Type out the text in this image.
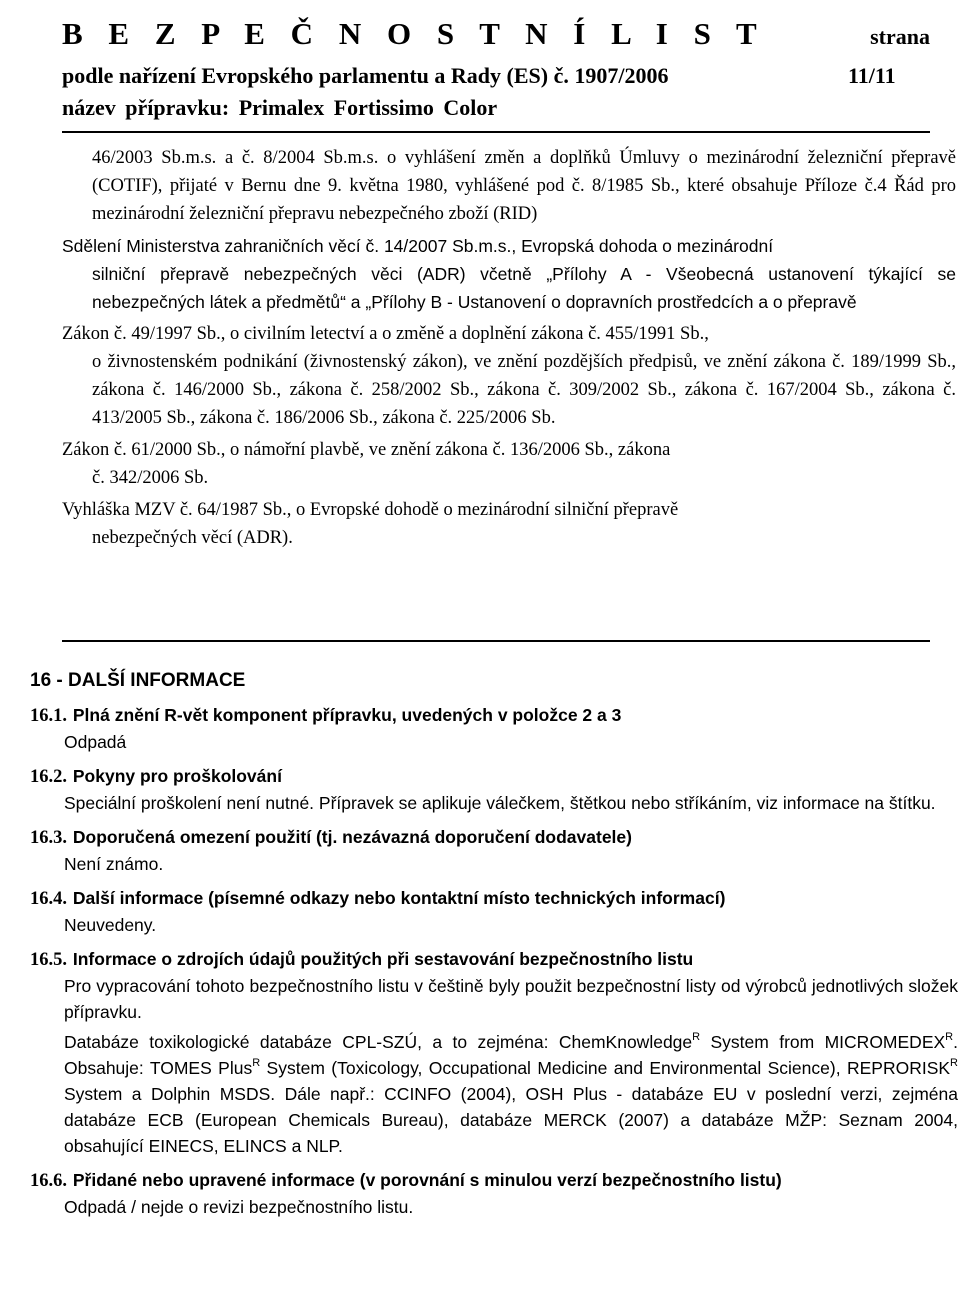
B E Z P E Č N O S T N Í L I S T	strana
podle nařízení Evropského parlamentu a Rady (ES) č. 1907/2006	11/11
název přípravku: Primalex Fortissimo Color

46/2003 Sb.m.s. a č. 8/2004 Sb.m.s. o vyhlášení změn a doplňků Úmluvy o mezinárodní železniční přepravě (COTIF), přijaté v Bernu dne 9. května 1980, vyhlášené pod č. 8/1985 Sb., které obsahuje Příloze č.4 Řád pro mezinárodní železniční přepravu nebezpečného zboží (RID)

Sdělení Ministerstva zahraničních věcí č. 14/2007 Sb.m.s., Evropská dohoda o mezinárodní

silniční přepravě nebezpečných věci (ADR) včetně „Přílohy A - Všeobecná ustanovení týkající se nebezpečných látek a předmětů“ a „Přílohy B - Ustanovení o dopravních prostředcích a o přepravě

Zákon č. 49/1997 Sb., o civilním letectví a o změně a doplnění zákona č. 455/1991 Sb.,

o živnostenském podnikání (živnostenský zákon), ve znění pozdějších předpisů, ve znění zákona č. 189/1999 Sb., zákona č. 146/2000 Sb., zákona č. 258/2002 Sb., zákona č. 309/2002 Sb., zákona č. 167/2004 Sb., zákona č. 413/2005 Sb., zákona č. 186/2006 Sb., zákona č. 225/2006 Sb.

Zákon č. 61/2000 Sb., o námořní plavbě, ve znění zákona č. 136/2006 Sb., zákona

č. 342/2006 Sb.

Vyhláška MZV č. 64/1987 Sb., o Evropské dohodě o mezinárodní silniční přepravě

nebezpečných věcí (ADR).

16 - DALŠÍ INFORMACE
16.1. Plná znění R-vět komponent přípravku, uvedených v položce 2 a 3
Odpadá
16.2. Pokyny pro proškolování
Speciální proškolení není nutné. Přípravek se aplikuje válečkem, štětkou nebo stříkáním, viz informace na štítku.
16.3. Doporučená omezení použití (tj. nezávazná doporučení dodavatele)
Není známo.
16.4. Další informace (písemné odkazy nebo kontaktní místo technických informací)
Neuvedeny.
16.5. Informace o zdrojích údajů použitých při sestavování bezpečnostního listu
Pro vypracování tohoto bezpečnostního listu v češtině byly použit bezpečnostní listy od výrobců jednotlivých složek přípravku.
Databáze toxikologické databáze CPL-SZÚ, a to zejména: ChemKnowledge$^R$ System from $MICROMEDEX^R$. Obsahuje: TOMES Plus$^R$ System (Toxicology, Occupational Medicine and Environmental Science), $REPRORISK^R$ System a Dolphin MSDS. Dále např.: CCINFO (2004), OSH Plus - databáze EU v poslední verzi, zejména databáze ECB (European Chemicals Bureau), databáze MERCK (2007) a databáze MŽP: Seznam 2004, obsahující EINECS, ELINCS a NLP.
16.6. Přidané nebo upravené informace (v porovnání s minulou verzí bezpečnostního listu)
Odpadá / nejde o revizi bezpečnostního listu.
